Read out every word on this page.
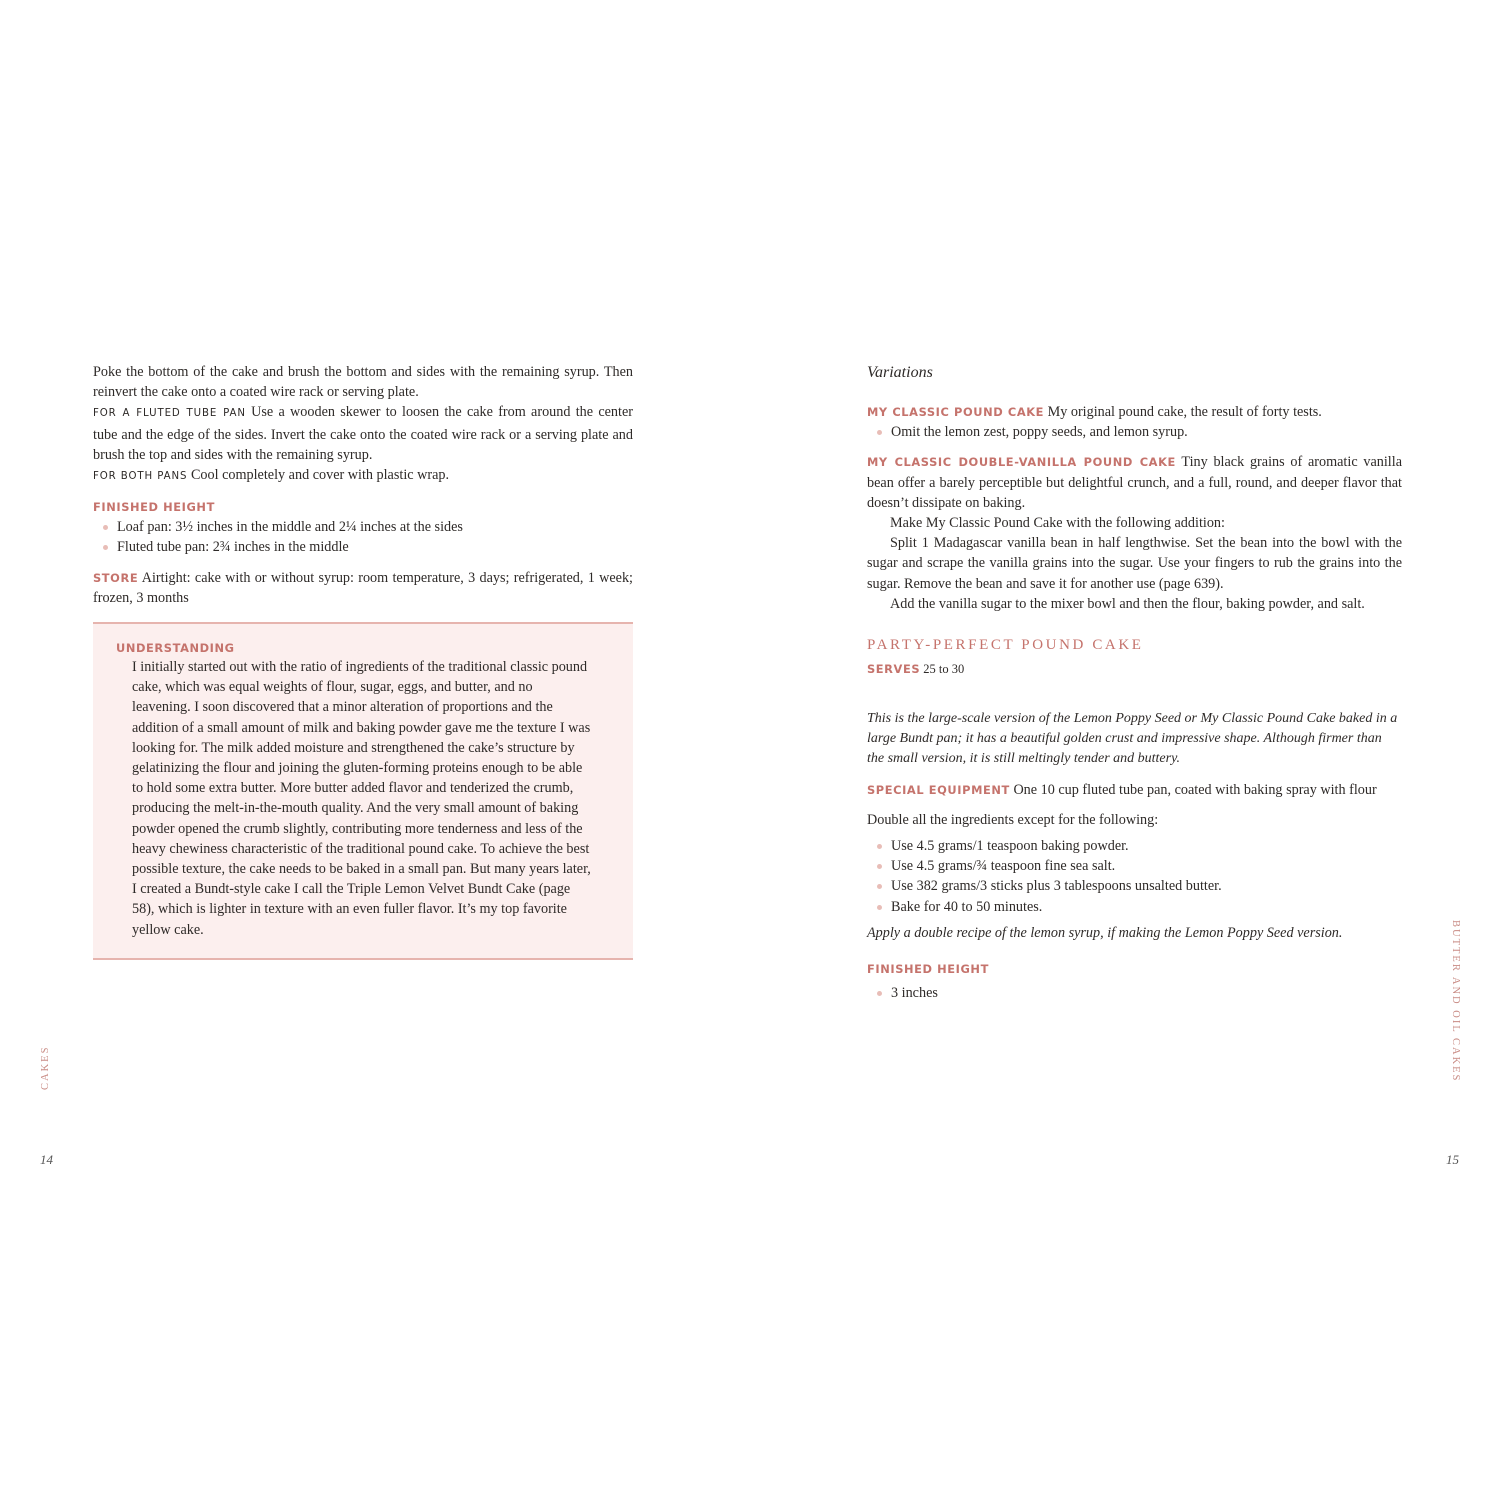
Poke the bottom of the cake and brush the bottom and sides with the remaining syrup. Then reinvert the cake onto a coated wire rack or serving plate.

FOR A FLUTED TUBE PAN Use a wooden skewer to loosen the cake from around the center tube and the edge of the sides. Invert the cake onto the coated wire rack or a serving plate and brush the top and sides with the remaining syrup.

FOR BOTH PANS Cool completely and cover with plastic wrap.

FINISHED HEIGHT
Loaf pan: 3½ inches in the middle and 2¼ inches at the sides
Fluted tube pan: 2¾ inches in the middle

STORE Airtight: cake with or without syrup: room temperature, 3 days; refrigerated, 1 week; frozen, 3 months

UNDERSTANDING

I initially started out with the ratio of ingredients of the traditional classic pound cake, which was equal weights of flour, sugar, eggs, and butter, and no leavening. I soon discovered that a minor alteration of proportions and the addition of a small amount of milk and baking powder gave me the texture I was looking for. The milk added moisture and strengthened the cake’s structure by gelatinizing the flour and joining the gluten-forming proteins enough to be able to hold some extra butter. More butter added flavor and tenderized the crumb, producing the melt-in-the-mouth quality. And the very small amount of baking powder opened the crumb slightly, contributing more tenderness and less of the heavy chewiness characteristic of the traditional pound cake. To achieve the best possible texture, the cake needs to be baked in a small pan. But many years later, I created a Bundt-style cake I call the Triple Lemon Velvet Bundt Cake (page 58), which is lighter in texture with an even fuller flavor. It’s my top favorite yellow cake.

CAKES
14
Variations

MY CLASSIC POUND CAKE My original pound cake, the result of forty tests.

Omit the lemon zest, poppy seeds, and lemon syrup.

MY CLASSIC DOUBLE-VANILLA POUND CAKE Tiny black grains of aromatic vanilla bean offer a barely perceptible but delightful crunch, and a full, round, and deeper flavor that doesn’t dissipate on baking.

Make My Classic Pound Cake with the following addition:

Split 1 Madagascar vanilla bean in half lengthwise. Set the bean into the bowl with the sugar and scrape the vanilla grains into the sugar. Use your fingers to rub the grains into the sugar. Remove the bean and save it for another use (page 639).

Add the vanilla sugar to the mixer bowl and then the flour, baking powder, and salt.

PARTY-PERFECT POUND CAKE
SERVES 25 to 30

This is the large-scale version of the Lemon Poppy Seed or My Classic Pound Cake baked in a large Bundt pan; it has a beautiful golden crust and impressive shape. Although firmer than the small version, it is still meltingly tender and buttery.

SPECIAL EQUIPMENT One 10 cup fluted tube pan, coated with baking spray with flour

Double all the ingredients except for the following:

Use 4.5 grams/1 teaspoon baking powder.
Use 4.5 grams/¾ teaspoon fine sea salt.
Use 382 grams/3 sticks plus 3 tablespoons unsalted butter.
Bake for 40 to 50 minutes.

Apply a double recipe of the lemon syrup, if making the Lemon Poppy Seed version.

FINISHED HEIGHT
3 inches	BUTTER AND OIL CAKES
15
